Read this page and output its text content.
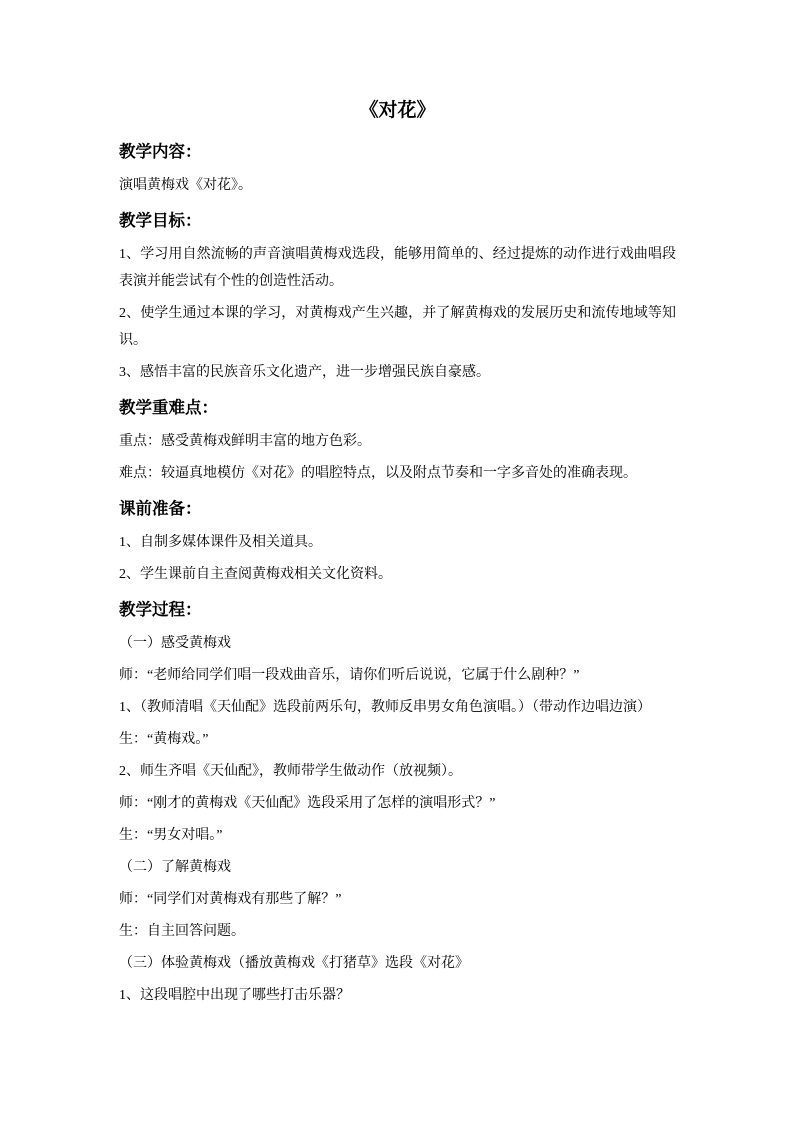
《对花》
教学内容：

演唱黄梅戏《对花》。

教学目标：

1、学习用自然流畅的声音演唱黄梅戏选段，能够用简单的、经过提炼的动作进行戏曲唱段表演并能尝试有个性的创造性活动。

2、使学生通过本课的学习，对黄梅戏产生兴趣，并了解黄梅戏的发展历史和流传地域等知识。

3、感悟丰富的民族音乐文化遗产，进一步增强民族自豪感。

教学重难点：

重点：感受黄梅戏鲜明丰富的地方色彩。

难点：较逼真地模仿《对花》的唱腔特点，以及附点节奏和一字多音处的准确表现。

课前准备：

1、自制多媒体课件及相关道具。

2、学生课前自主查阅黄梅戏相关文化资料。

教学过程：

（一）感受黄梅戏

师：“老师给同学们唱一段戏曲音乐，请你们听后说说，它属于什么剧种？”

1、（教师清唱《天仙配》选段前两乐句，教师反串男女角色演唱。）（带动作边唱边演）

生：“黄梅戏。”

2、师生齐唱《天仙配》，教师带学生做动作（放视频）。

师：“刚才的黄梅戏《天仙配》选段采用了怎样的演唱形式？”

生：“男女对唱。”

（二）了解黄梅戏

师：“同学们对黄梅戏有那些了解？”

生：自主回答问题。

（三）体验黄梅戏（播放黄梅戏《打猪草》选段《对花》

1、这段唱腔中出现了哪些打击乐器？
